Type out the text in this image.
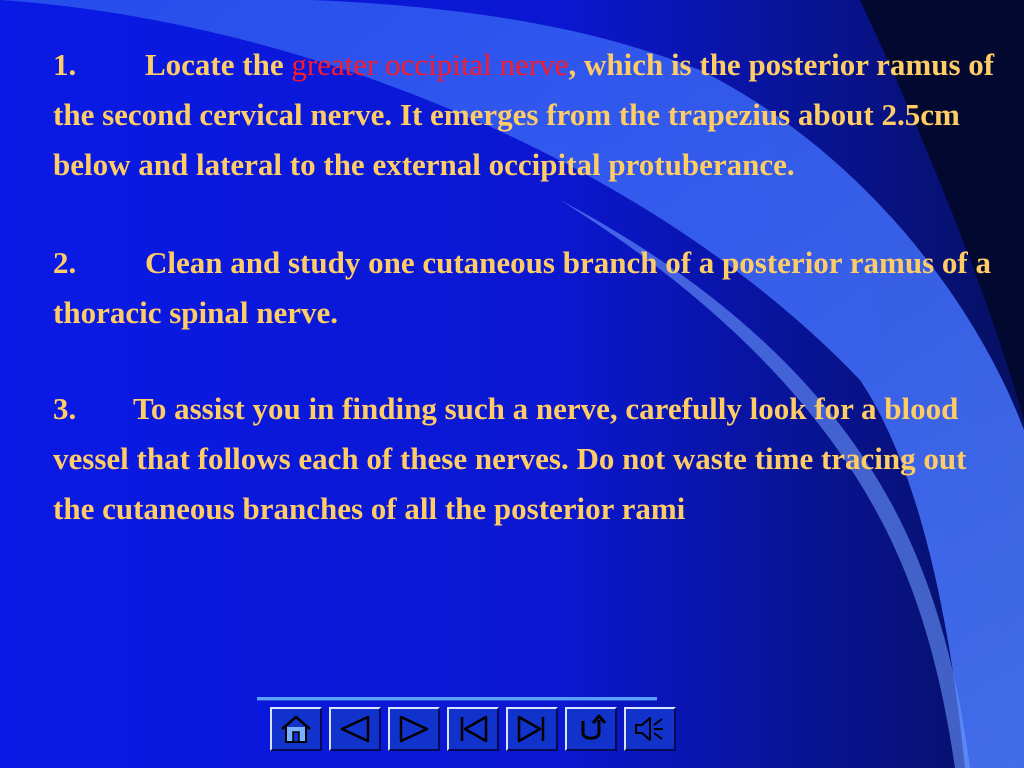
1. Locate the greater occipital nerve, which is the posterior ramus of the second cervical nerve. It emerges from the trapezius about 2.5cm below and lateral to the external occipital protuberance.

2. Clean and study one cutaneous branch of a posterior ramus of a thoracic spinal nerve.

3. To assist you in finding such a nerve, carefully look for a blood vessel that follows each of these nerves. Do not waste time tracing out the cutaneous branches of all the posterior rami
